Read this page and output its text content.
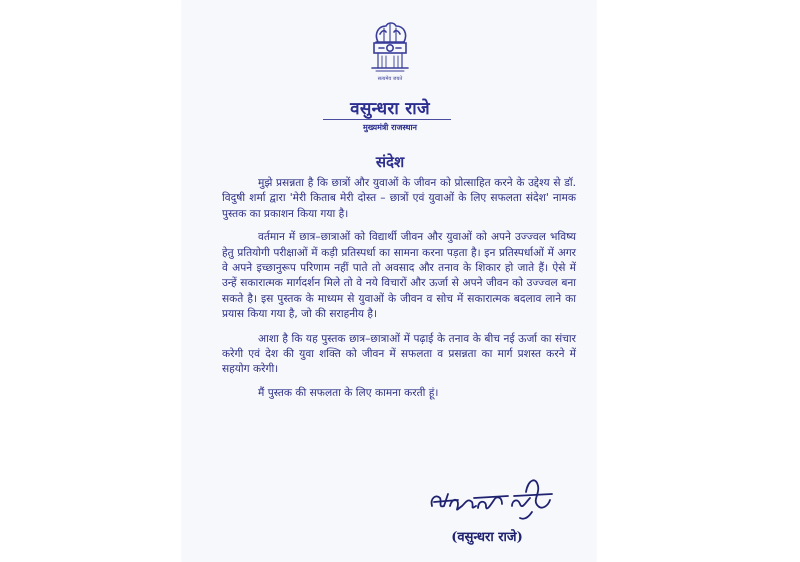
सत्यमेव जयते
वसुन्धरा राजे
मुख्यमंत्री राजस्थान
संदेश

मुझे प्रसन्नता है कि छात्रों और युवाओं के जीवन को प्रोत्साहित करने के उद्देश्य से डॉ. विदुषी शर्मा द्वारा 'मेरी किताब मेरी दोस्त – छात्रों एवं युवाओं के लिए सफलता संदेश' नामक पुस्तक का प्रकाशन किया गया है।

वर्तमान में छात्र–छात्राओं को विद्यार्थी जीवन और युवाओं को अपने उज्ज्वल भविष्य हेतु प्रतियोगी परीक्षाओं में कड़ी प्रतिस्पर्धा का सामना करना पड़ता है। इन प्रतिस्पर्धाओं में अगर वे अपने इच्छानुरूप परिणाम नहीं पाते तो अवसाद और तनाव के शिकार हो जाते हैं। ऐसे में उन्हें सकारात्मक मार्गदर्शन मिले तो वे नये विचारों और ऊर्जा से अपने जीवन को उज्ज्वल बना सकते है। इस पुस्तक के माध्यम से युवाओं के जीवन व सोच में सकारात्मक बदलाव लाने का प्रयास किया गया है, जो की सराहनीय है।

आशा है कि यह पुस्तक छात्र–छात्राओं में पढ़ाई के तनाव के बीच नई ऊर्जा का संचार करेगी एवं देश की युवा शक्ति को जीवन में सफलता व प्रसन्नता का मार्ग प्रशस्त करने में सहयोग करेगी।

मैं पुस्तक की सफलता के लिए कामना करती हूं।

(वसुन्धरा राजे)
